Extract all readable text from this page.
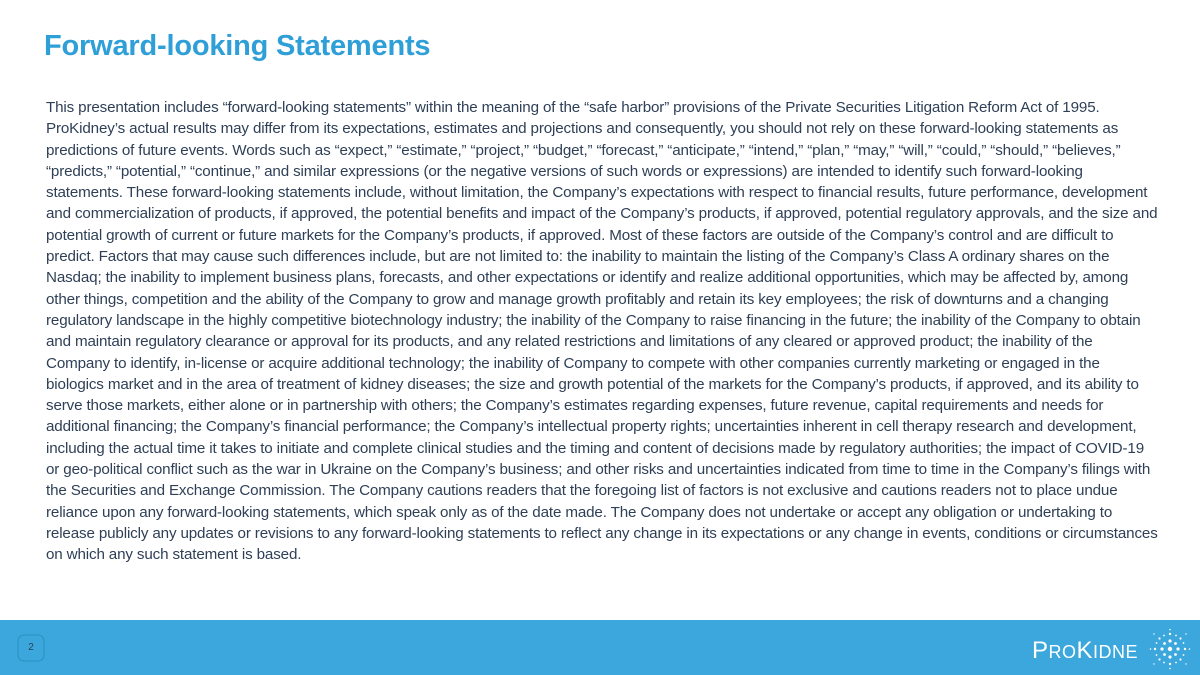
Forward-looking Statements

This presentation includes “forward-looking statements” within the meaning of the “safe harbor” provisions of the Private Securities Litigation Reform Act of 1995. ProKidney’s actual results may differ from its expectations, estimates and projections and consequently, you should not rely on these forward-looking statements as predictions of future events. Words such as “expect,” “estimate,” “project,” “budget,” “forecast,” “anticipate,” “intend,” “plan,” “may,” “will,” “could,” “should,” “believes,” “predicts,” “potential,” “continue,” and similar expressions (or the negative versions of such words or expressions) are intended to identify such forward-looking statements. These forward-looking statements include, without limitation, the Company’s expectations with respect to financial results, future performance, development and commercialization of products, if approved, the potential benefits and impact of the Company’s products, if approved, potential regulatory approvals, and the size and potential growth of current or future markets for the Company’s products, if approved. Most of these factors are outside of the Company’s control and are difficult to predict. Factors that may cause such differences include, but are not limited to: the inability to maintain the listing of the Company’s Class A ordinary shares on the Nasdaq; the inability to implement business plans, forecasts, and other expectations or identify and realize additional opportunities, which may be affected by, among other things, competition and the ability of the Company to grow and manage growth profitably and retain its key employees; the risk of downturns and a changing regulatory landscape in the highly competitive biotechnology industry; the inability of the Company to raise financing in the future; the inability of the Company to obtain and maintain regulatory clearance or approval for its products, and any related restrictions and limitations of any cleared or approved product; the inability of the Company to identify, in-license or acquire additional technology; the inability of Company to compete with other companies currently marketing or engaged in the biologics market and in the area of treatment of kidney diseases; the size and growth potential of the markets for the Company’s products, if approved, and its ability to serve those markets, either alone or in partnership with others; the Company’s estimates regarding expenses, future revenue, capital requirements and needs for additional financing; the Company’s financial performance; the Company’s intellectual property rights; uncertainties inherent in cell therapy research and development, including the actual time it takes to initiate and complete clinical studies and the timing and content of decisions made by regulatory authorities; the impact of COVID-19 or geo-political conflict such as the war in Ukraine on the Company’s business; and other risks and uncertainties indicated from time to time in the Company’s filings with the Securities and Exchange Commission. The Company cautions readers that the foregoing list of factors is not exclusive and cautions readers not to place undue reliance upon any forward-looking statements, which speak only as of the date made. The Company does not undertake or accept any obligation or undertaking to release publicly any updates or revisions to any forward-looking statements to reflect any change in its expectations or any change in events, conditions or circumstances on which any such statement is based.

2	PROKIDNE
